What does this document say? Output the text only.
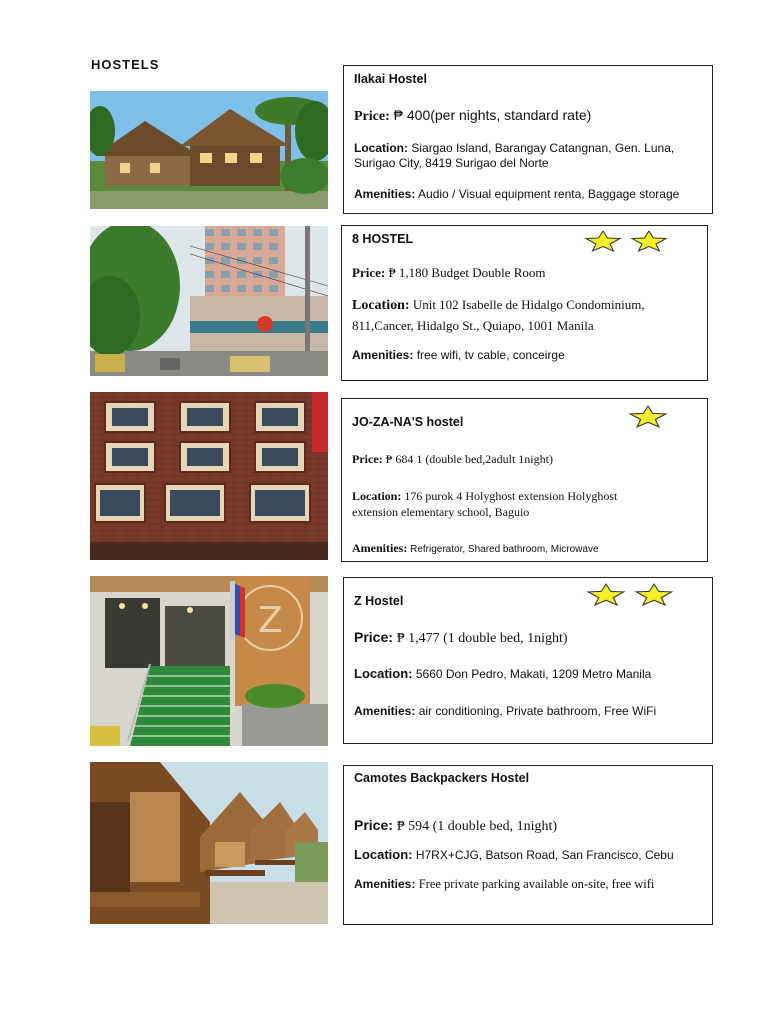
HOSTELS
Z
Ilakai Hostel
Price: ₱ 400(per nights, standard rate)
Location: Siargao Island, Barangay Catangnan, Gen. Luna,
Surigao City, 8419 Surigao del Norte
Amenities: Audio / Visual equipment renta, Baggage storage
8 HOSTEL
Price: ₱ 1,180 Budget Double Room
Location: Unit 102 Isabelle de Hidalgo Condominium,
811,Cancer, Hidalgo St., Quiapo, 1001 Manila
Amenities: free wifi, tv cable, conceirge
JO-ZA-NA'S hostel
Price: ₱ 684 1 (double bed,2adult 1night)
Location: 176 purok 4 Holyghost extension Holyghost
extension elementary school, Baguio
Amenities: Refrigerator, Shared bathroom, Microwave
Z Hostel
Price: ₱ 1,477 (1 double bed, 1night)
Location: 5660 Don Pedro, Makati, 1209 Metro Manila
Amenities: air conditioning, Private bathroom, Free WiFi
Camotes Backpackers Hostel
Price: ₱ 594 (1 double bed, 1night)
Location: H7RX+CJG, Batson Road, San Francisco, Cebu
Amenities: Free private parking available on-site, free wifi
